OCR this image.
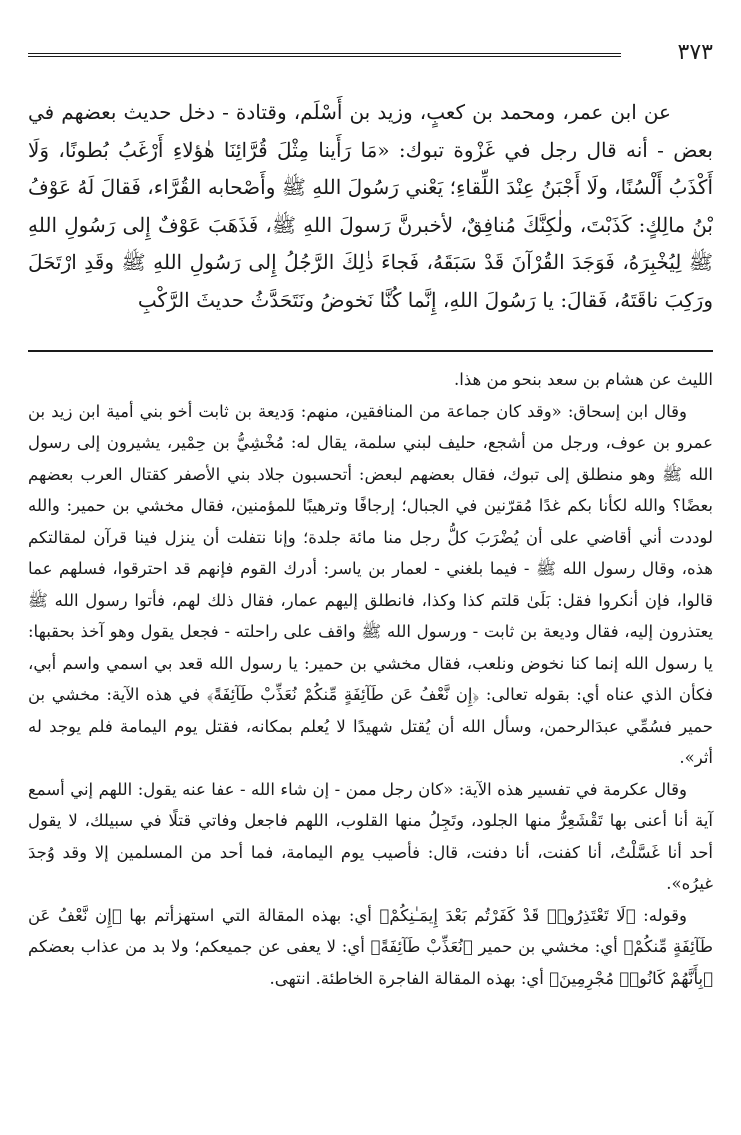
٣٧٣

عن ابن عمر، ومحمد بن كعبٍ، وزيد بن أَسْلَم، وقتادة - دخل حديث بعضهم في بعض - أنه قال رجل في غَزْوة تبوك: «مَا رَأَينا مِثْلَ قُرَّائِنَا هٰؤلاءِ أَرْغَبُ بُطونًا، وَلَا أَكْذَبُ أَلْسُنًا، ولَا أَجْبَنُ عِنْدَ اللِّقاءِ؛ يَعْني رَسُولَ اللهِ ﷺ وأَصْحابه القُرَّاء، فَقالَ لَهُ عَوْفُ بْنُ مالِكٍ: كَذَبْتَ، ولٰكِنَّكَ مُنافِقٌ، لأخبرنَّ رَسولَ اللهِ ﷺ، فَذَهَبَ عَوْفٌ إِلى رَسُولِ اللهِ ﷺ لِيُخْبِرَهُ، فَوَجَدَ القُرْآنَ قَدْ سَبَقَهُ، فَجاءَ ذٰلِكَ الرَّجُلُ إِلى رَسُولِ اللهِ ﷺ وقَدِ ارْتَحَلَ ورَكِبَ ناقَتَهُ، فَقالَ: يا رَسُولَ اللهِ، إِنَّما كُنَّا نَخوضُ ونَتَحَدَّثُ حديثَ الرَّكْبِ

الليث عن هشام بن سعد بنحو من هذا.

وقال ابن إسحاق: «وقد كان جماعة من المنافقين، منهم: وَديعة بن ثابت أخو بني أمية ابن زيد بن عمرو بن عوف، ورجل من أشجع، حليف لبني سلمة، يقال له: مُخْشِيُّ بن حِمْير، يشيرون إلى رسول الله ﷺ وهو منطلق إلى تبوك، فقال بعضهم لبعض: أتحسبون جلاد بني الأصفر كقتال العرب بعضهم بعضًا؟ والله لكأنا بكم غدًا مُقرّنين في الجبال؛ إرجافًا وترهيبًا للمؤمنين، فقال مخشي بن حمير: والله لوددت أني أقاضي على أن يُضْرَبَ كلُّ رجل منا مائة جلدة؛ وإنا نتفلت أن ينزل فينا قرآن لمقالتكم هذه، وقال رسول الله ﷺ - فيما بلغني - لعمار بن ياسر: أدرك القوم فإنهم قد احترقوا، فسلهم عما قالوا، فإن أنكروا فقل: بَلَىٰ قلتم كذا وكذا، فانطلق إليهم عمار، فقال ذلك لهم، فأتوا رسول الله ﷺ يعتذرون إليه، فقال وديعة بن ثابت - ورسول الله ﷺ واقف على راحلته - فجعل يقول وهو آخذ بحقبها: يا رسول الله إنما كنا نخوض ونلعب، فقال مخشي بن حمير: يا رسول الله قعد بي اسمي واسم أبي، فكأن الذي عناه أي: بقوله تعالى: ﴿إِن نَّعْفُ عَن طَآئِفَةٍ مِّنكُمْ نُعَذِّبْ طَآئِفَةً﴾ في هذه الآية: مخشي بن حمير فسُمِّي عبدَالرحمن، وسأل الله أن يُقتل شهيدًا لا يُعلم بمكانه، فقتل يوم اليمامة فلم يوجد له أثر».

وقال عكرمة في تفسير هذه الآية: «كان رجل ممن - إن شاء الله - عفا عنه يقول: اللهم إني أسمع آية أنا أعنى بها تَقْشَعِرُّ منها الجلود، وتَجِلُ منها القلوب، اللهم فاجعل وفاتي قتلًا في سبيلك، لا يقول أحد أنا غَسَّلْتُ، أنا كفنت، أنا دفنت، قال: فأصيب يوم اليمامة، فما أحد من المسلمين إلا وقد وُجدَ غيرُه».

وقوله: ﴿لَا تَعْتَذِرُوا۟ قَدْ كَفَرْتُم بَعْدَ إِيمَـٰنِكُمْ﴾ أي: بهذه المقالة التي استهزأتم بها ﴿إِن نَّعْفُ عَن طَآئِفَةٍ مِّنكُمْ﴾ أي: مخشي بن حمير ﴿نُعَذِّبْ طَآئِفَةً﴾ أي: لا يعفى عن جميعكم؛ ولا بد من عذاب بعضكم ﴿بِأَنَّهُمْ كَانُوا۟ مُجْرِمِينَ﴾ أي: بهذه المقالة الفاجرة الخاطئة. انتهى.
